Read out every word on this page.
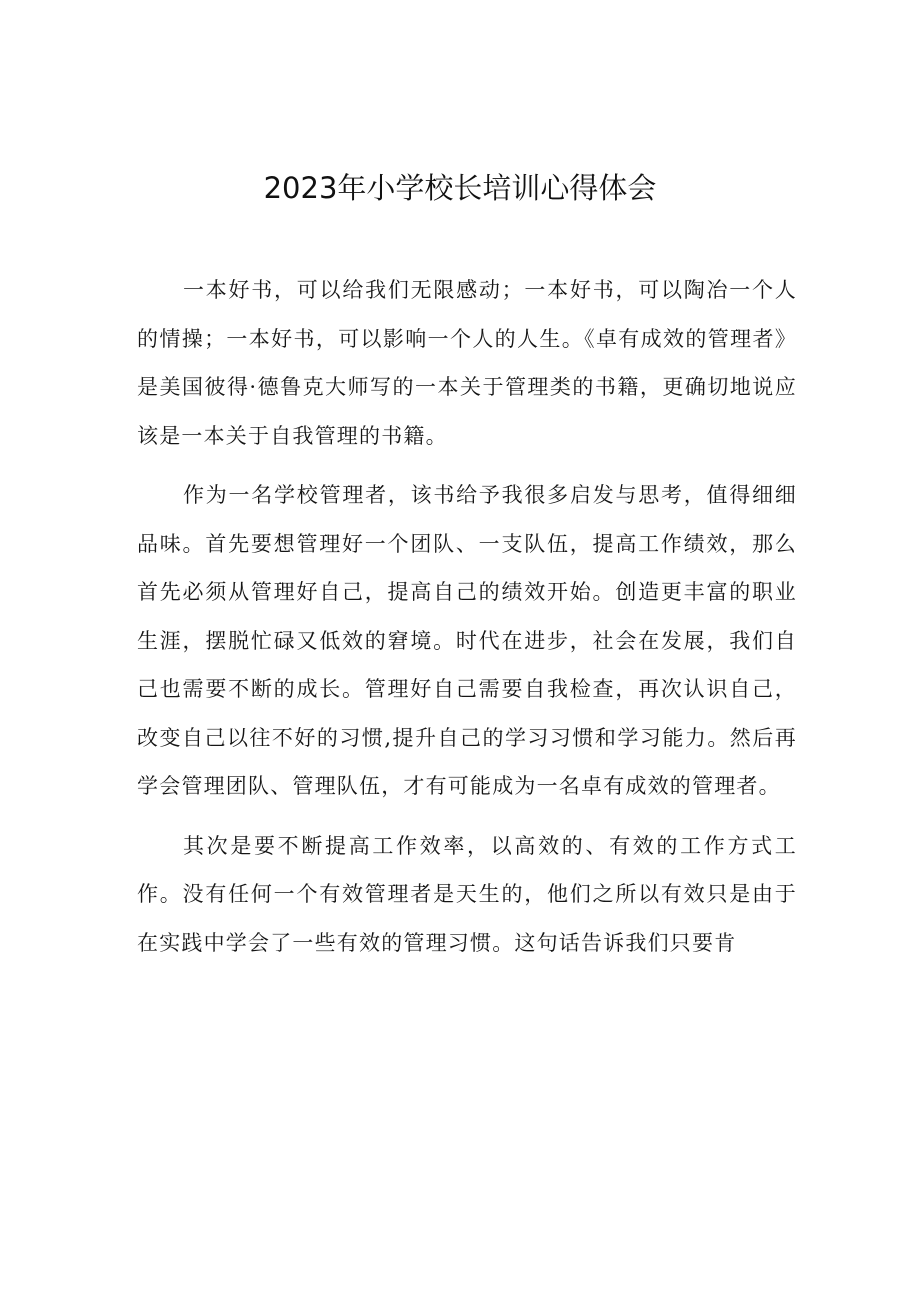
2023年小学校长培训心得体会

一本好书，可以给我们无限感动；一本好书，可以陶冶一个人的情操；一本好书，可以影响一个人的人生。《卓有成效的管理者》是美国彼得·德鲁克大师写的一本关于管理类的书籍，更确切地说应该是一本关于自我管理的书籍。

作为一名学校管理者，该书给予我很多启发与思考，值得细细品味。首先要想管理好一个团队、一支队伍，提高工作绩效，那么首先必须从管理好自己，提高自己的绩效开始。创造更丰富的职业生涯，摆脱忙碌又低效的窘境。时代在进步，社会在发展，我们自己也需要不断的成长。管理好自己需要自我检查，再次认识自己，改变自己以往不好的习惯,提升自己的学习习惯和学习能力。然后再学会管理团队、管理队伍，才有可能成为一名卓有成效的管理者。

其次是要不断提高工作效率，以高效的、有效的工作方式工作。没有任何一个有效管理者是天生的，他们之所以有效只是由于在实践中学会了一些有效的管理习惯。这句话告诉我们只要肯
